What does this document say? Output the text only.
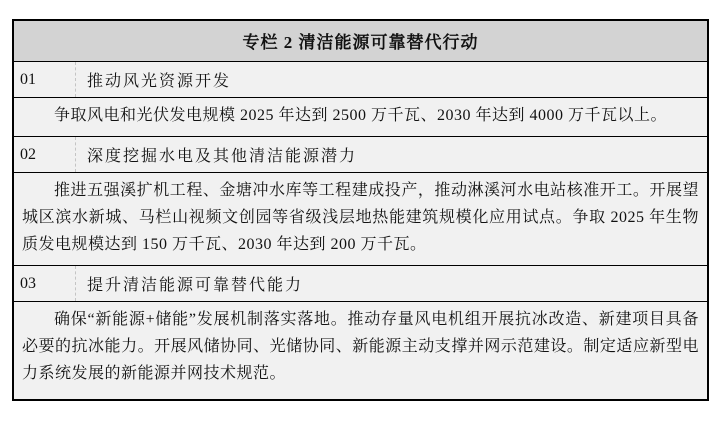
专栏 2 清洁能源可靠替代行动
01	推动风光资源开发

争取风电和光伏发电规模 2025 年达到 2500 万千瓦、2030 年达到 4000 万千瓦以上。

02	深度挖掘水电及其他清洁能源潜力

推进五强溪扩机工程、金塘冲水库等工程建成投产，推动淋溪河水电站核准开工。开展望城区滨水新城、马栏山视频文创园等省级浅层地热能建筑规模化应用试点。争取 2025 年生物质发电规模达到 150 万千瓦、2030 年达到 200 万千瓦。

03	提升清洁能源可靠替代能力

确保“新能源+储能”发展机制落实落地。推动存量风电机组开展抗冰改造、新建项目具备必要的抗冰能力。开展风储协同、光储协同、新能源主动支撑并网示范建设。制定适应新型电力系统发展的新能源并网技术规范。
